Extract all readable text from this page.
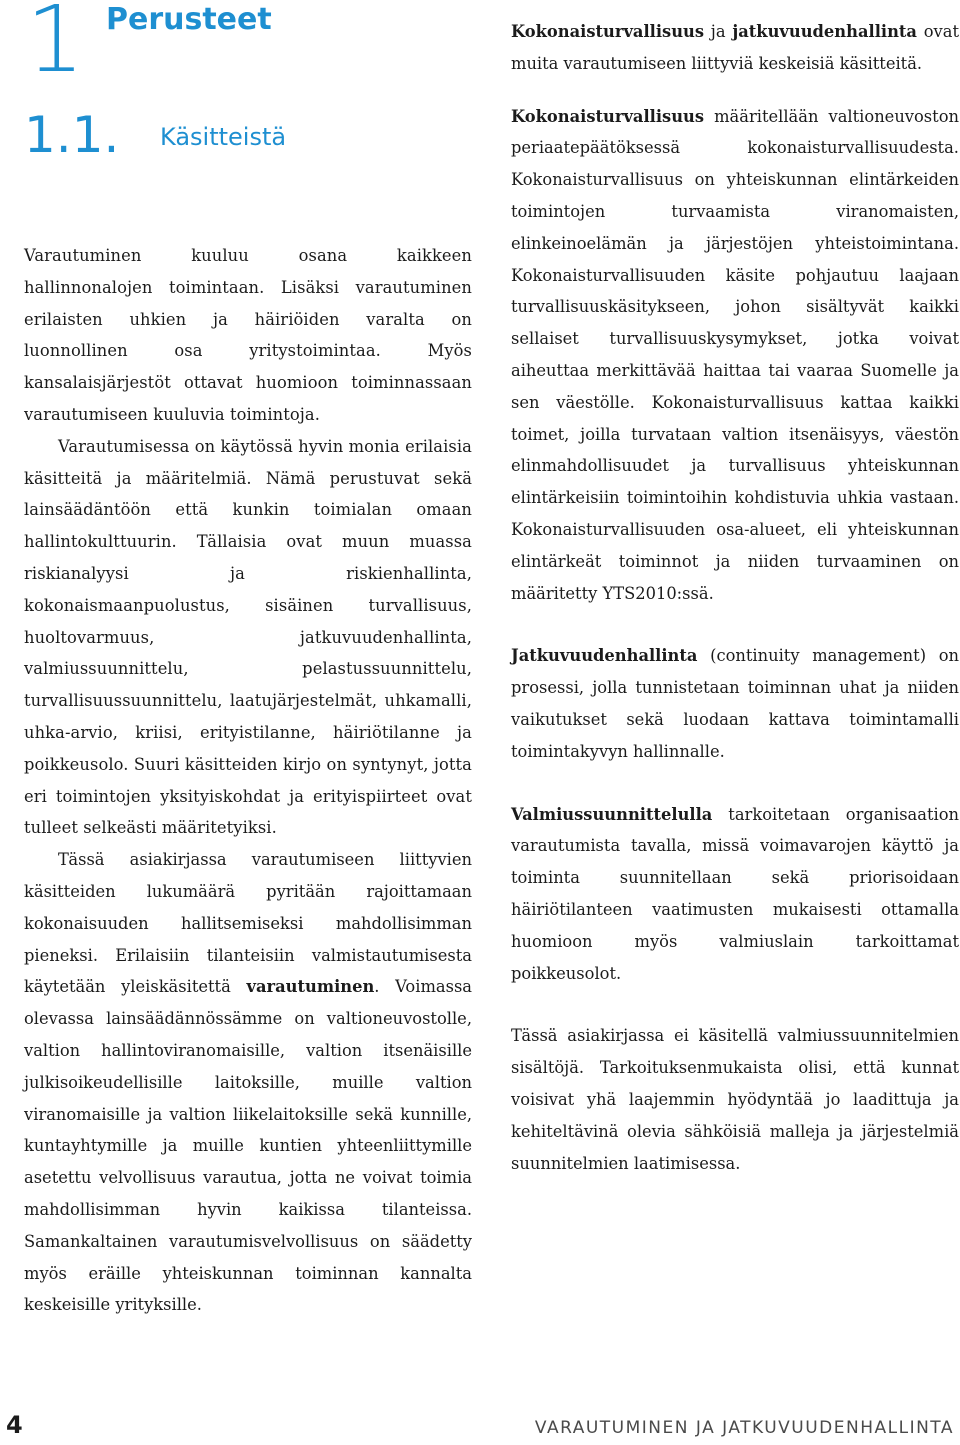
1 Perusteet
1.1. Käsitteistä

Varautuminen kuuluu osana kaikkeen hallinnonalojen toimintaan. Lisäksi varautuminen erilaisten uhkien ja häiriöiden varalta on luonnollinen osa yritystoimintaa. Myös kansalaisjärjestöt ottavat huomioon toiminnassaan varautumiseen kuuluvia toimintoja.

Varautumisessa on käytössä hyvin monia erilaisia käsitteitä ja määritelmiä. Nämä perustuvat sekä lainsäädäntöön että kunkin toimialan omaan hallintokulttuurin. Tällaisia ovat muun muassa riskianalyysi ja riskienhallinta, kokonaismaanpuolustus, sisäinen turvallisuus, huoltovarmuus, jatkuvuudenhallinta, valmiussuunnittelu, pelastussuunnittelu, turvallisuussuunnittelu, laatujärjestelmät, uhkamalli, uhka-arvio, kriisi, erityistilanne, häiriötilanne ja poikkeusolo. Suuri käsitteiden kirjo on syntynyt, jotta eri toimintojen yksityiskohdat ja erityispiirteet ovat tulleet selkeästi määritetyiksi.

Tässä asiakirjassa varautumiseen liittyvien käsitteiden lukumäärä pyritään rajoittamaan kokonaisuuden hallitsemiseksi mahdollisimman pieneksi. Erilaisiin tilanteisiin valmistautumisesta käytetään yleiskäsitettä varautuminen. Voimassa olevassa lainsäädännössämme on valtioneuvostolle, valtion hallintoviranomaisille, valtion itsenäisille julkisoikeudellisille laitoksille, muille valtion viranomaisille ja valtion liikelaitoksille sekä kunnille, kuntayhtymille ja muille kuntien yhteenliittymille asetettu velvollisuus varautua, jotta ne voivat toimia mahdollisimman hyvin kaikissa tilanteissa. Samankaltainen varautumisvelvollisuus on säädetty myös eräille yhteiskunnan toiminnan kannalta keskeisille yrityksille.

Kokonaisturvallisuus ja jatkuvuudenhallinta ovat muita varautumiseen liittyviä keskeisiä käsitteitä.

Kokonaisturvallisuus määritellään valtioneuvoston periaatepäätöksessä kokonaisturvallisuudesta. Kokonaisturvallisuus on yhteiskunnan elintärkeiden toimintojen turvaamista viranomaisten, elinkeinoelämän ja järjestöjen yhteistoimintana. Kokonaisturvallisuuden käsite pohjautuu laajaan turvallisuuskäsitykseen, johon sisältyvät kaikki sellaiset turvallisuuskysymykset, jotka voivat aiheuttaa merkittävää haittaa tai vaaraa Suomelle ja sen väestölle. Kokonaisturvallisuus kattaa kaikki toimet, joilla turvataan valtion itsenäisyys, väestön elinmahdollisuudet ja turvallisuus yhteiskunnan elintärkeisiin toimintoihin kohdistuvia uhkia vastaan. Kokonaisturvallisuuden osa-alueet, eli yhteiskunnan elintärkeät toiminnot ja niiden turvaaminen on määritetty YTS2010:ssä.

Jatkuvuudenhallinta (continuity management) on prosessi, jolla tunnistetaan toiminnan uhat ja niiden vaikutukset sekä luodaan kattava toimintamalli toimintakyvyn hallinnalle.

Valmiussuunnittelulla tarkoitetaan organisaation varautumista tavalla, missä voimavarojen käyttö ja toiminta suunnitellaan sekä priorisoidaan häiriötilanteen vaatimusten mukaisesti ottamalla huomioon myös valmiuslain tarkoittamat poikkeusolot.

Tässä asiakirjassa ei käsitellä valmiussuunnitelmien sisältöjä. Tarkoituksenmukaista olisi, että kunnat voisivat yhä laajemmin hyödyntää jo laadittuja ja kehiteltävinä olevia sähköisiä malleja ja järjestelmiä suunnitelmien laatimisessa.

4	VARAUTUMINEN JA JATKUVUUDENHALLINTA
